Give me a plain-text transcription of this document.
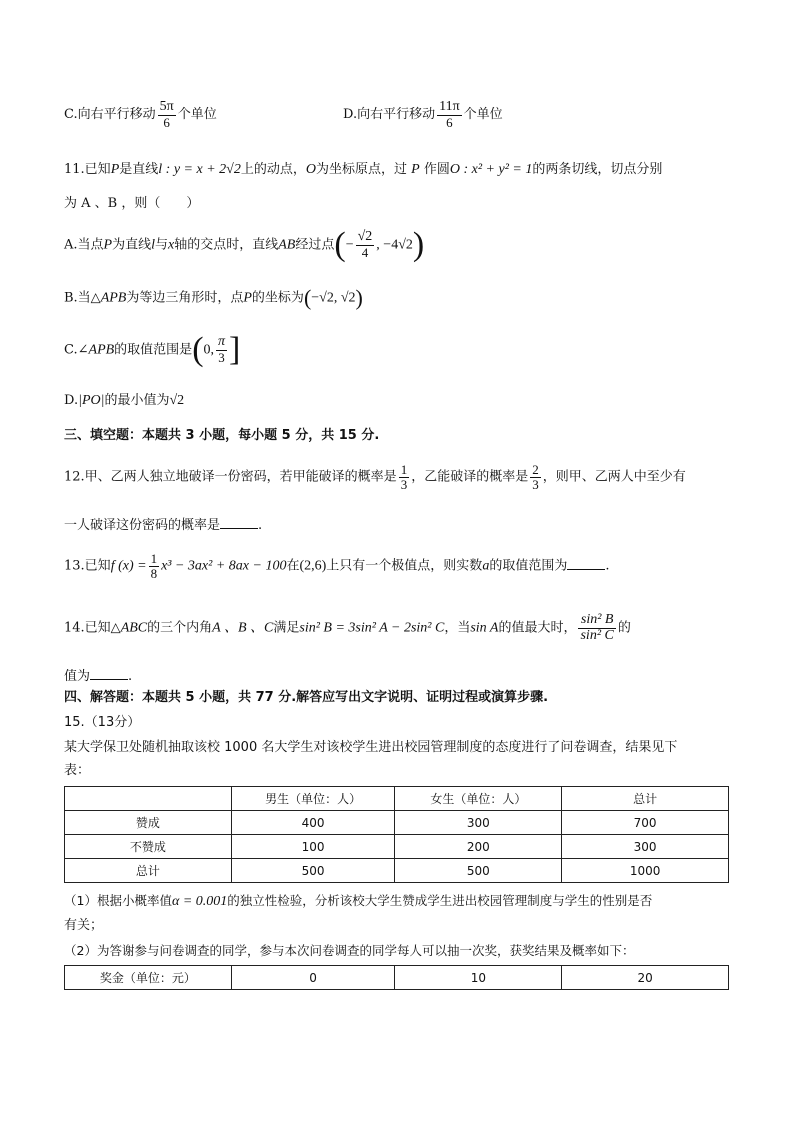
C.向右平行移动 $\frac{5\pi}{6}$ 个单位	D.向右平行移动 $\frac{11\pi}{6}$ 个单位
11.已知P是直线l : y = x + 2√2上的动点，O为坐标原点，过 P 作圆O : x² + y² = 1的两条切线，切点分别
为 A 、B ，则（　　）
A.当点P为直线l与x轴的交点时，直线AB经过点(− $\frac{√2}{4}$ , −4√2)
B.当△APB为等边三角形时，点P的坐标为(−√2, √2)
C.∠APB的取值范围是(0, $\frac{\pi}{3}$ ]
D.|PO|的最小值为√2
三、填空题：本题共 3 小题，每小题 5 分，共 15 分.
12.甲、乙两人独立地破译一份密码，若甲能破译的概率是 $\frac{1}{3}$ ，乙能破译的概率是 $\frac{2}{3}$ ，则甲、乙两人中至少有
一人破译这份密码的概率是	.
13.已知f $(x) = \frac{1}{8} x^3 - 3ax^2 + 8ax - 100$在(2,6)上只有一个极值点，则实数a的取值范围为	.
14.已知△ABC的三个内角A 、B 、C满足sin² B = 3sin² A − 2sin² C，当sin A的值最大时， $\frac{\text{sin² B}}{\text{sin² C}}$ 的
值为	.
四、解答题：本题共 5 小题，共 77 分.解答应写出文字说明、证明过程或演算步骤.
15.（13分）
某大学保卫处随机抽取该校 1000 名大学生对该校学生进出校园管理制度的态度进行了问卷调查，结果见下
表：
	男生（单位：人）	女生（单位：人）	总计
赞成	400	300	700
不赞成	100	200	300
总计	500	500	1000
（1）根据小概率值α = 0.001的独立性检验，分析该校大学生赞成学生进出校园管理制度与学生的性别是否
有关；
（2）为答谢参与问卷调查的同学，参与本次问卷调查的同学每人可以抽一次奖，获奖结果及概率如下：
奖金（单位：元）	0	10	20
